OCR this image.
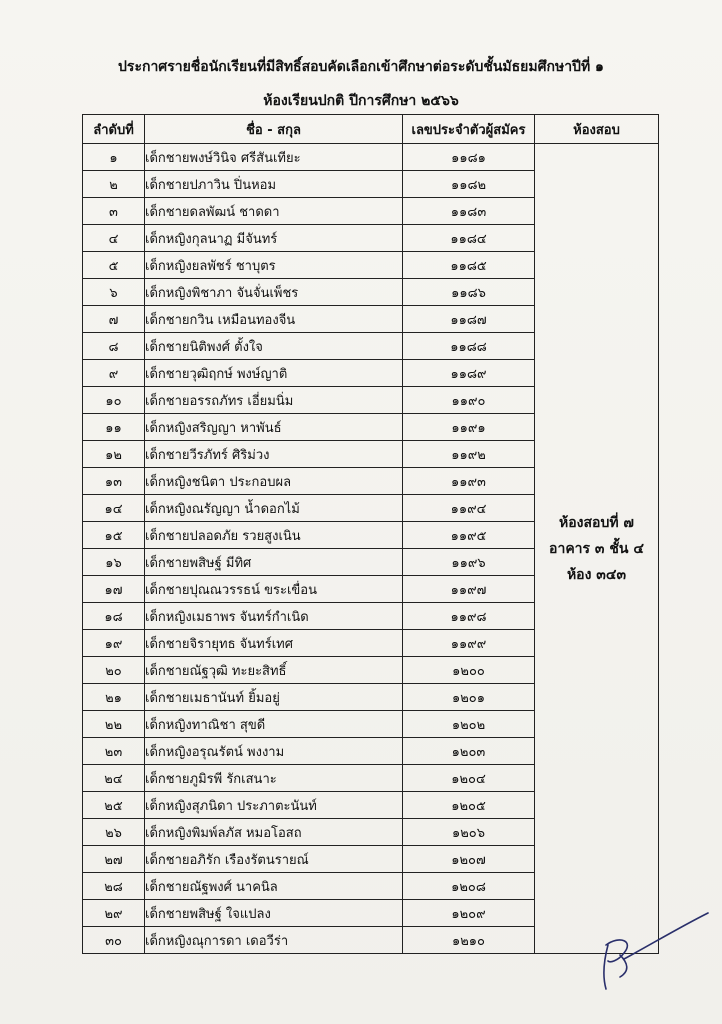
ประกาศรายชื่อนักเรียนที่มีสิทธิ์สอบคัดเลือกเข้าศึกษาต่อระดับชั้นมัธยมศึกษาปีที่ ๑
ห้องเรียนปกติ ปีการศึกษา ๒๕๖๖
ลำดับที่	ชื่อ - สกุล	เลขประจำตัวผู้สมัคร	ห้องสอบ
๑	เด็กชายพงษ์วินิจ ศรีสันเทียะ	๑๑๘๑	ห้องสอบที่ ๗
อาคาร ๓ ชั้น ๔
ห้อง ๓๔๓

๒	เด็กชายปภาวิน ปิ่นหอม	๑๑๘๒	
๓	เด็กชายดลพัฒน์ ชาดดา	๑๑๘๓	
๔	เด็กหญิงกุลนาฏ มีจันทร์	๑๑๘๔	
๕	เด็กหญิงยลพัชร์ ชาบุตร	๑๑๘๕	
๖	เด็กหญิงพิชาภา จันจั่นเพ็ชร	๑๑๘๖	
๗	เด็กชายกวิน เหมือนทองจีน	๑๑๘๗	
๘	เด็กชายนิติพงศ์ ตั้งใจ	๑๑๘๘	
๙	เด็กชายวุฒิฤกษ์ พงษ์ญาติ	๑๑๘๙	
๑๐	เด็กชายอรรถภัทร เอี่ยมนิ่ม	๑๑๙๐	
๑๑	เด็กหญิงสริญญา หาพันธ์	๑๑๙๑	
๑๒	เด็กชายวีรภัทร์ ศิริม่วง	๑๑๙๒	
๑๓	เด็กหญิงชนิตา ประกอบผล	๑๑๙๓	
๑๔	เด็กหญิงณรัญญา น้ำดอกไม้	๑๑๙๔	
๑๕	เด็กชายปลอดภัย รวยสูงเนิน	๑๑๙๕	
๑๖	เด็กชายพสิษฐ์ มีทิศ	๑๑๙๖	
๑๗	เด็กชายปุณณวรรธน์ ขระเขื่อน	๑๑๙๗	
๑๘	เด็กหญิงเมธาพร จันทร์กำเนิด	๑๑๙๘	
๑๙	เด็กชายจิรายุทธ จันทร์เทศ	๑๑๙๙	
๒๐	เด็กชายณัฐวุฒิ ทะยะสิทธิ์	๑๒๐๐	
๒๑	เด็กชายเมธานันท์ ยิ้มอยู่	๑๒๐๑	
๒๒	เด็กหญิงทาณิชา สุขดี	๑๒๐๒	
๒๓	เด็กหญิงอรุณรัตน์ พงงาม	๑๒๐๓	
๒๔	เด็กชายภูมิรพี รักเสนาะ	๑๒๐๔	
๒๕	เด็กหญิงสุภนิดา ประภาตะนันท์	๑๒๐๕	
๒๖	เด็กหญิงพิมพ์ลภัส หมอโอสถ	๑๒๐๖	
๒๗	เด็กชายอภิรัก เรืองรัตนรายณ์	๑๒๐๗	
๒๘	เด็กชายณัฐพงศ์ นาคนิล	๑๒๐๘	
๒๙	เด็กชายพสิษฐ์ ใจแปลง	๑๒๐๙	
๓๐	เด็กหญิงณุการดา เดอวีร่า	๑๒๑๐	
